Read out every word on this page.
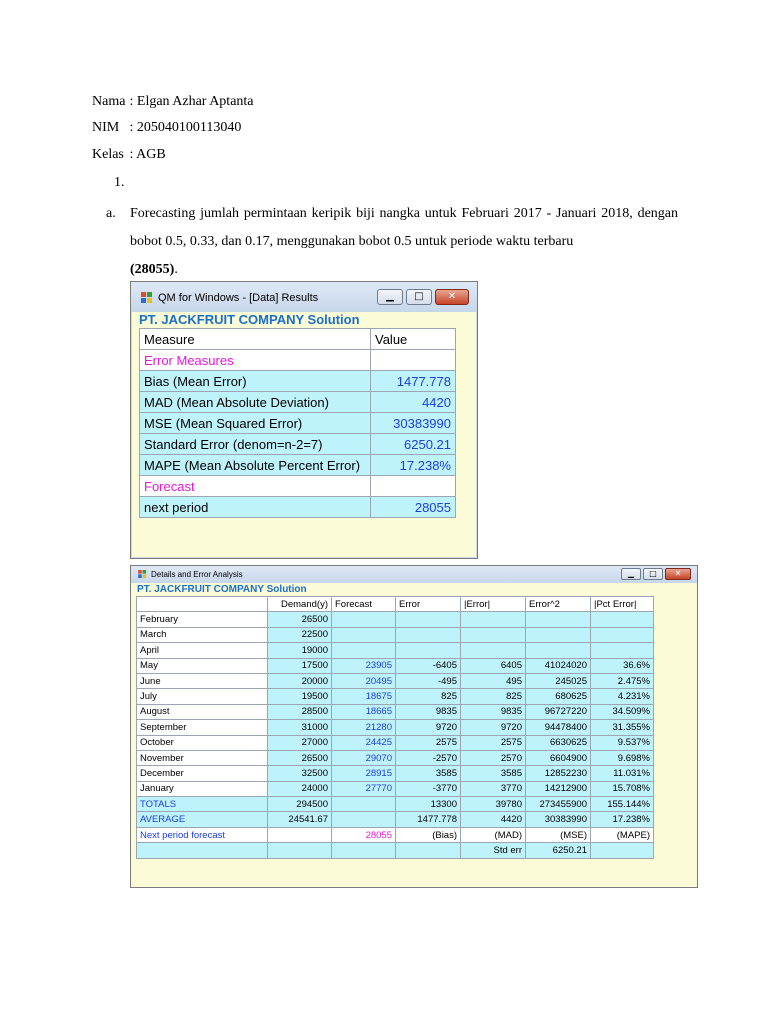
Nama : Elgan Azhar Aptanta
NIM : 205040100113040
Kelas : AGB
1.
a. Forecasting jumlah permintaan keripik biji nangka untuk Februari 2017 - Januari 2018, dengan bobot 0.5, 0.33, dan 0.17, menggunakan bobot 0.5 untuk periode waktu terbaru
(28055).
QM for Windows - [Data] Results	▁	□	✕
PT. JACKFRUIT COMPANY Solution
Measure	Value
Error Measures	
Bias (Mean Error)	1477.778
MAD (Mean Absolute Deviation)	4420
MSE (Mean Squared Error)	30383990
Standard Error (denom=n-2=7)	6250.21
MAPE (Mean Absolute Percent Error)	17.238%
Forecast	
next period	28055
Details and Error Analysis	▁	□	✕
PT. JACKFRUIT COMPANY Solution
	Demand(y)	Forecast	Error	|Error|	Error^2	|Pct Error|
February	26500					
March	22500					
April	19000					
May	17500	23905	-6405	6405	41024020	36.6%
June	20000	20495	-495	495	245025	2.475%
July	19500	18675	825	825	680625	4.231%
August	28500	18665	9835	9835	96727220	34.509%
September	31000	21280	9720	9720	94478400	31.355%
October	27000	24425	2575	2575	6630625	9.537%
November	26500	29070	-2570	2570	6604900	9.698%
December	32500	28915	3585	3585	12852230	11.031%
January	24000	27770	-3770	3770	14212900	15.708%
TOTALS	294500		13300	39780	273455900	155.144%
AVERAGE	24541.67		1477.778	4420	30383990	17.238%
Next period forecast		28055	(Bias)	(MAD)	(MSE)	(MAPE)
				Std err	6250.21	
